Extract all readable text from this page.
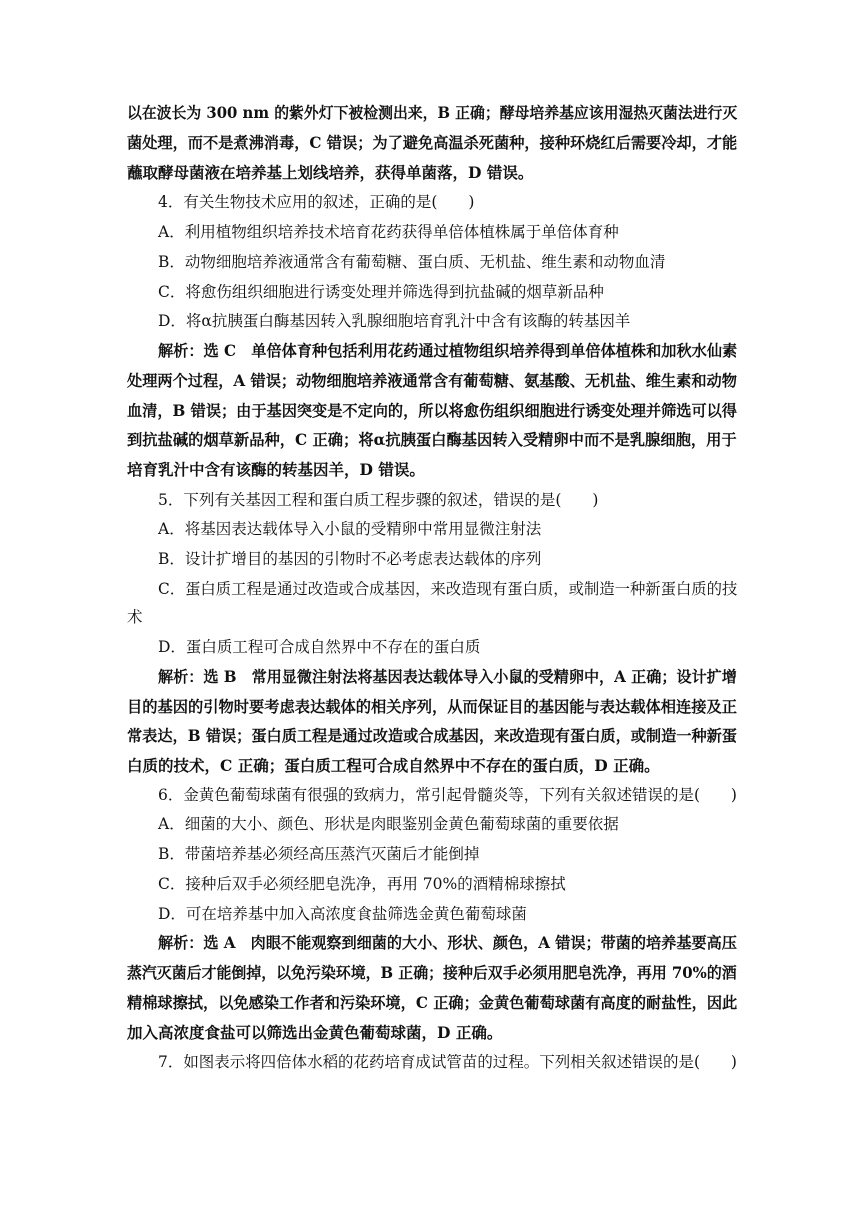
以在波长为 300 nm 的紫外灯下被检测出来，B 正确；酵母培养基应该用湿热灭菌法进行灭
菌处理，而不是煮沸消毒，C 错误；为了避免高温杀死菌种，接种环烧红后需要冷却，才能
蘸取酵母菌液在培养基上划线培养，获得单菌落，D 错误。
4．有关生物技术应用的叙述，正确的是(　　)
A．利用植物组织培养技术培育花药获得单倍体植株属于单倍体育种
B．动物细胞培养液通常含有葡萄糖、蛋白质、无机盐、维生素和动物血清
C．将愈伤组织细胞进行诱变处理并筛选得到抗盐碱的烟草新品种
D．将α抗胰蛋白酶基因转入乳腺细胞培育乳汁中含有该酶的转基因羊
解析：选 C　单倍体育种包括利用花药通过植物组织培养得到单倍体植株和加秋水仙素
处理两个过程，A 错误；动物细胞培养液通常含有葡萄糖、氨基酸、无机盐、维生素和动物
血清，B 错误；由于基因突变是不定向的，所以将愈伤组织细胞进行诱变处理并筛选可以得
到抗盐碱的烟草新品种，C 正确；将α抗胰蛋白酶基因转入受精卵中而不是乳腺细胞，用于
培育乳汁中含有该酶的转基因羊，D 错误。
5．下列有关基因工程和蛋白质工程步骤的叙述，错误的是(　　)
A．将基因表达载体导入小鼠的受精卵中常用显微注射法
B．设计扩增目的基因的引物时不必考虑表达载体的序列
C．蛋白质工程是通过改造或合成基因，来改造现有蛋白质，或制造一种新蛋白质的技
术
D．蛋白质工程可合成自然界中不存在的蛋白质
解析：选 B　常用显微注射法将基因表达载体导入小鼠的受精卵中，A 正确；设计扩增
目的基因的引物时要考虑表达载体的相关序列，从而保证目的基因能与表达载体相连接及正
常表达，B 错误；蛋白质工程是通过改造或合成基因，来改造现有蛋白质，或制造一种新蛋
白质的技术，C 正确；蛋白质工程可合成自然界中不存在的蛋白质，D 正确。
6．金黄色葡萄球菌有很强的致病力，常引起骨髓炎等，下列有关叙述错误的是(　　)
A．细菌的大小、颜色、形状是肉眼鉴别金黄色葡萄球菌的重要依据
B．带菌培养基必须经高压蒸汽灭菌后才能倒掉
C．接种后双手必须经肥皂洗净，再用 70%的酒精棉球擦拭
D．可在培养基中加入高浓度食盐筛选金黄色葡萄球菌
解析：选 A　肉眼不能观察到细菌的大小、形状、颜色，A 错误；带菌的培养基要高压
蒸汽灭菌后才能倒掉，以免污染环境，B 正确；接种后双手必须用肥皂洗净，再用 70%的酒
精棉球擦拭，以免感染工作者和污染环境，C 正确；金黄色葡萄球菌有高度的耐盐性，因此
加入高浓度食盐可以筛选出金黄色葡萄球菌，D 正确。
7．如图表示将四倍体水稻的花药培育成试管苗的过程。下列相关叙述错误的是(　　)
